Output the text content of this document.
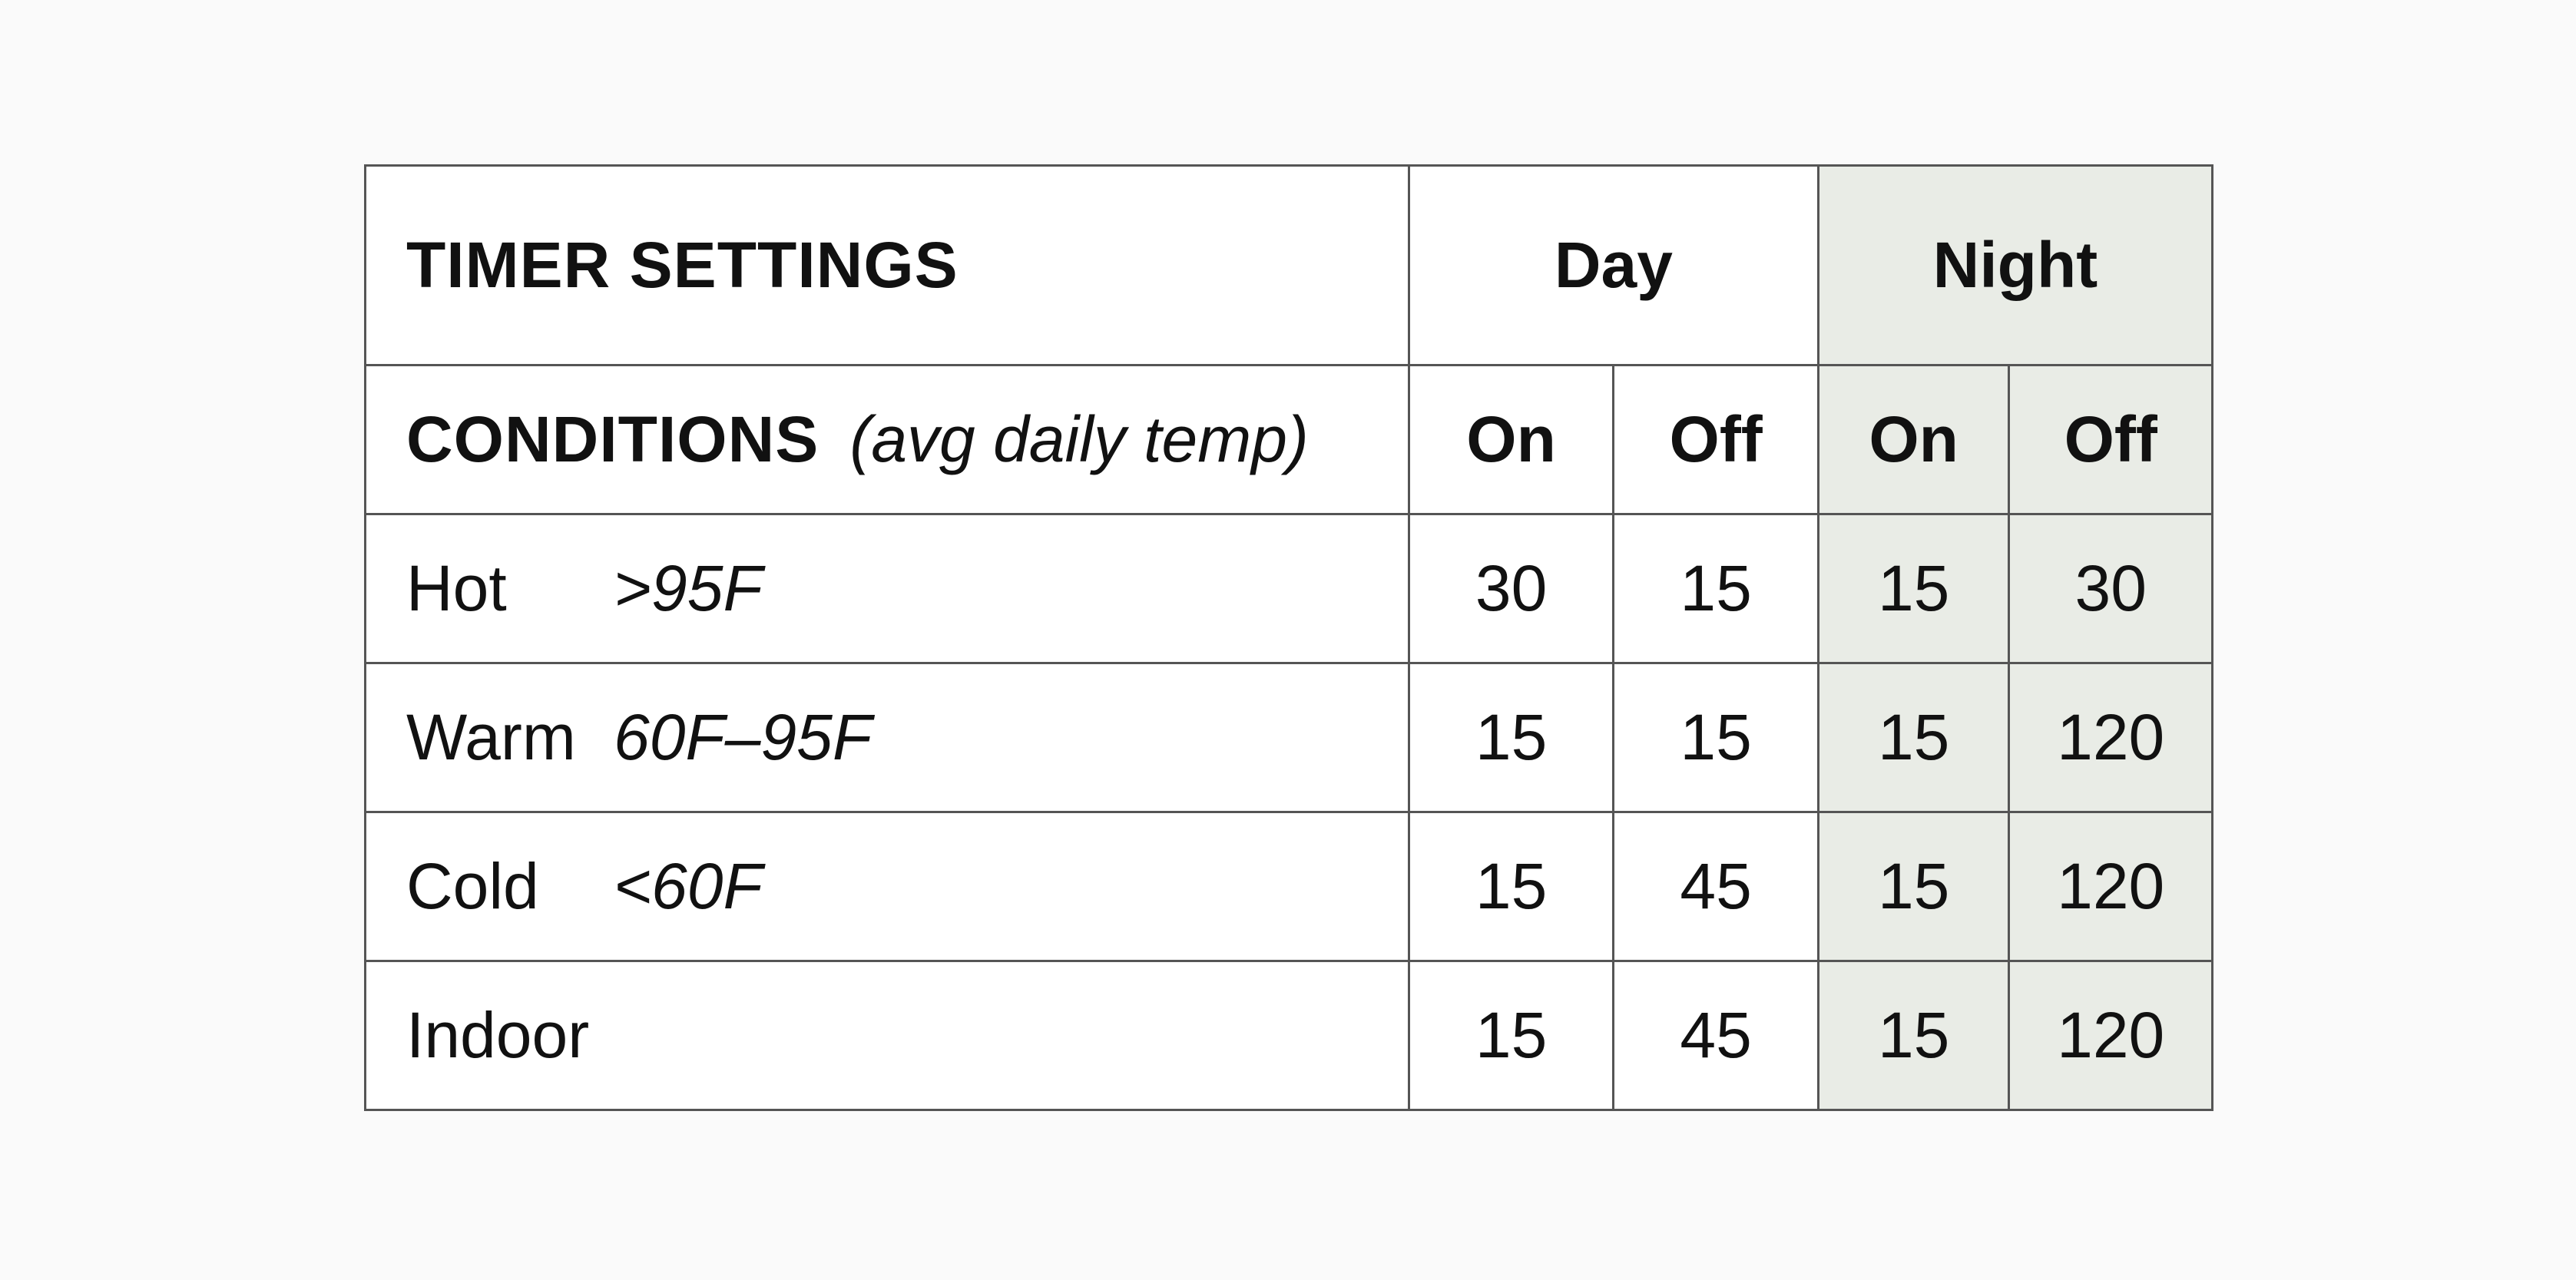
TIMER SETTINGS	Day		Night	
CONDITIONS (avg daily temp)	On	Off	On	Off
Hot >95F	30	15	15	30
Warm 60F–95F	15	15	15	120
Cold <60F	15	45	15	120
Indoor	15	45	15	120
